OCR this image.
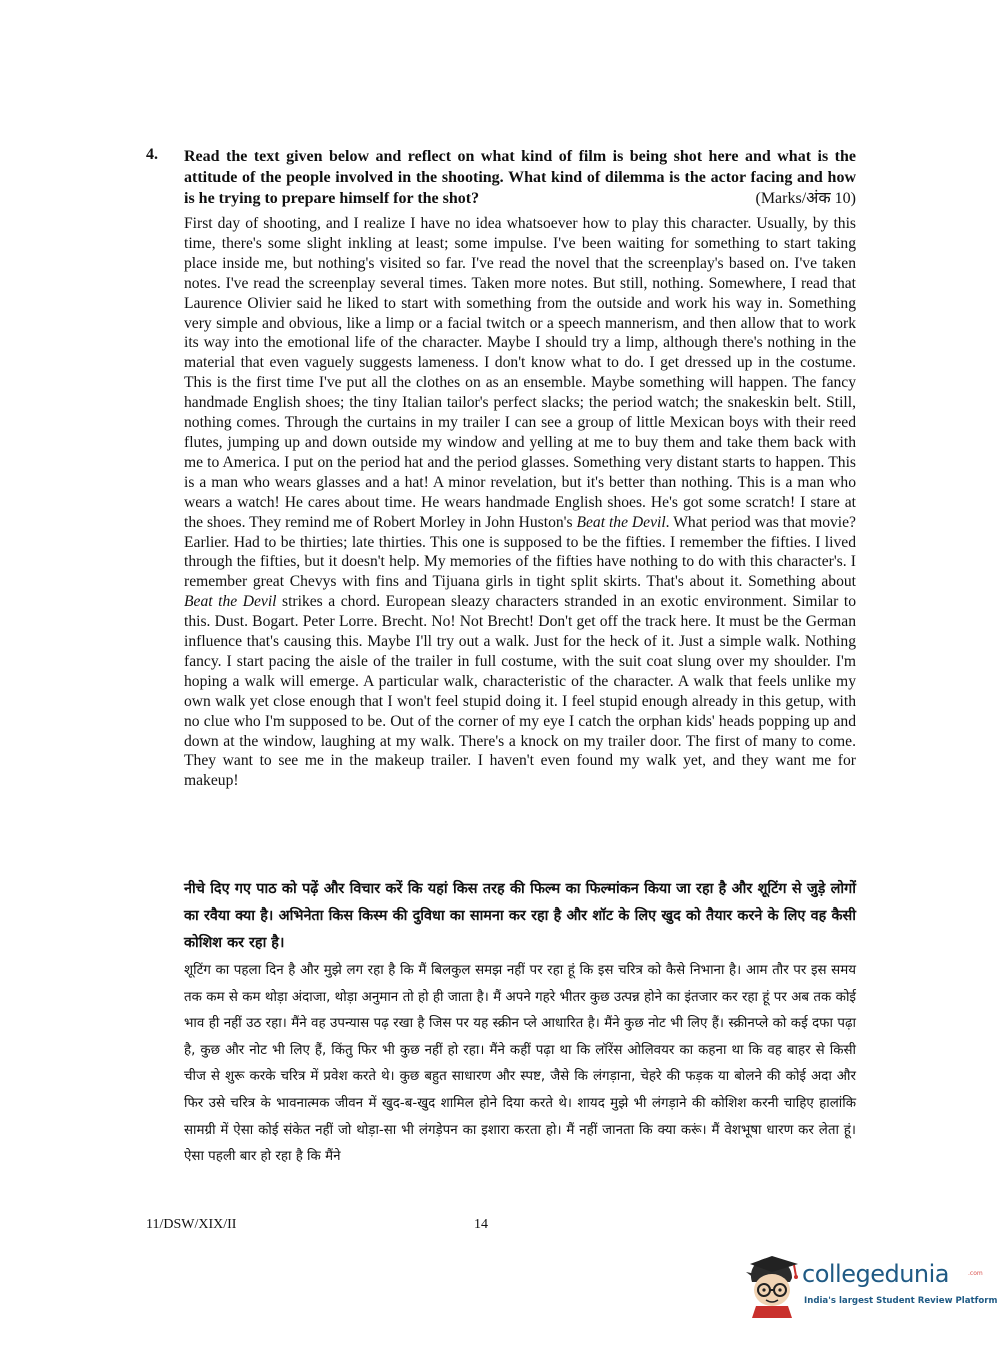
4. Read the text given below and reflect on what kind of film is being shot here and what is the attitude of the people involved in the shooting. What kind of dilemma is the actor facing and how is he trying to prepare himself for the shot?	(Marks/अंक 10)
First day of shooting, and I realize I have no idea whatsoever how to play this character. Usually, by this time, there's some slight inkling at least; some impulse. I've been waiting for something to start taking place inside me, but nothing's visited so far. I've read the novel that the screenplay's based on. I've taken notes. I've read the screenplay several times. Taken more notes. But still, nothing. Somewhere, I read that Laurence Olivier said he liked to start with something from the outside and work his way in. Something very simple and obvious, like a limp or a facial twitch or a speech mannerism, and then allow that to work its way into the emotional life of the character. Maybe I should try a limp, although there's nothing in the material that even vaguely suggests lameness. I don't know what to do. I get dressed up in the costume. This is the first time I've put all the clothes on as an ensemble. Maybe something will happen. The fancy handmade English shoes; the tiny Italian tailor's perfect slacks; the period watch; the snakeskin belt. Still, nothing comes. Through the curtains in my trailer I can see a group of little Mexican boys with their reed flutes, jumping up and down outside my window and yelling at me to buy them and take them back with me to America. I put on the period hat and the period glasses. Something very distant starts to happen. This is a man who wears glasses and a hat! A minor revelation, but it's better than nothing. This is a man who wears a watch! He cares about time. He wears handmade English shoes. He's got some scratch! I stare at the shoes. They remind me of Robert Morley in John Huston's Beat the Devil. What period was that movie? Earlier. Had to be thirties; late thirties. This one is supposed to be the fifties. I remember the fifties. I lived through the fifties, but it doesn't help. My memories of the fifties have nothing to do with this character's. I remember great Chevys with fins and Tijuana girls in tight split skirts. That's about it. Something about Beat the Devil strikes a chord. European sleazy characters stranded in an exotic environment. Similar to this. Dust. Bogart. Peter Lorre. Brecht. No! Not Brecht! Don't get off the track here. It must be the German influence that's causing this. Maybe I'll try out a walk. Just for the heck of it. Just a simple walk. Nothing fancy. I start pacing the aisle of the trailer in full costume, with the suit coat slung over my shoulder. I'm hoping a walk will emerge. A particular walk, characteristic of the character. A walk that feels unlike my own walk yet close enough that I won't feel stupid doing it. I feel stupid enough already in this getup, with no clue who I'm supposed to be. Out of the corner of my eye I catch the orphan kids' heads popping up and down at the window, laughing at my walk. There's a knock on my trailer door. The first of many to come. They want to see me in the makeup trailer. I haven't even found my walk yet, and they want me for makeup!
नीचे दिए गए पाठ को पढ़ें और विचार करें कि यहां किस तरह की फिल्म का फिल्मांकन किया जा रहा है और शूटिंग से जुड़े लोगों का रवैया क्या है। अभिनेता किस किस्म की दुविधा का सामना कर रहा है और शॉट के लिए खुद को तैयार करने के लिए वह कैसी कोशिश कर रहा है।
शूटिंग का पहला दिन है और मुझे लग रहा है कि मैं बिलकुल समझ नहीं पर रहा हूं कि इस चरित्र को कैसे निभाना है। आम तौर पर इस समय तक कम से कम थोड़ा अंदाजा, थोड़ा अनुमान तो हो ही जाता है। मैं अपने गहरे भीतर कुछ उत्पन्न होने का इंतजार कर रहा हूं पर अब तक कोई भाव ही नहीं उठ रहा। मैंने वह उपन्यास पढ़ रखा है जिस पर यह स्क्रीन प्ले आधारित है। मैंने कुछ नोट भी लिए हैं। स्क्रीनप्ले को कई दफा पढ़ा है, कुछ और नोट भी लिए हैं, किंतु फिर भी कुछ नहीं हो रहा। मैंने कहीं पढ़ा था कि लॉरेंस ओलिवयर का कहना था कि वह बाहर से किसी चीज से शुरू करके चरित्र में प्रवेश करते थे। कुछ बहुत साधारण और स्पष्ट, जैसे कि लंगड़ाना, चेहरे की फड़क या बोलने की कोई अदा और फिर उसे चरित्र के भावनात्मक जीवन में खुद-ब-खुद शामिल होने दिया करते थे। शायद मुझे भी लंगड़ाने की कोशिश करनी चाहिए हालांकि सामग्री में ऐसा कोई संकेत नहीं जो थोड़ा-सा भी लंगड़ेपन का इशारा करता हो। मैं नहीं जानता कि क्या करूं। मैं वेशभूषा धारण कर लेता हूं। ऐसा पहली बार हो रहा है कि मैंने
11/DSW/XIX/II	14
collegedunia	.com
India's largest Student Review Platform
